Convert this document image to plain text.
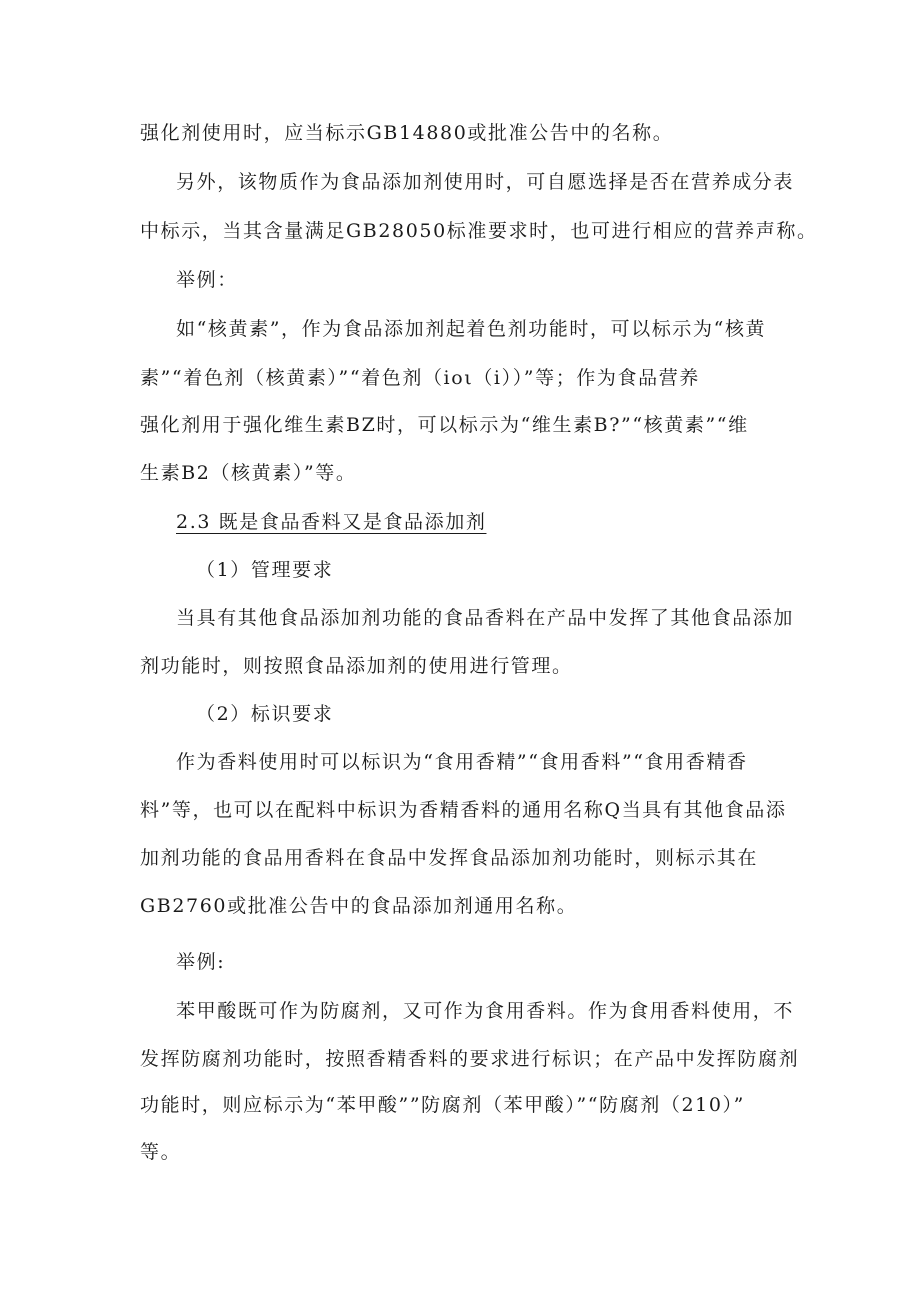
强化剂使用时，应当标示GB14880或批准公告中的名称。
另外，该物质作为食品添加剂使用时，可自愿选择是否在营养成分表
中标示，当其含量满足GB28050标准要求时，也可进行相应的营养声称。
举例：
如“核黄素”，作为食品添加剂起着色剂功能时，可以标示为“核黄
素”“着色剂（核黄素）”“着色剂（ioι（i））”等；作为食品营养
强化剂用于强化维生素BZ时，可以标示为“维生素B?”“核黄素”“维
生素B2（核黄素）”等。
2.3 既是食品香料又是食品添加剂
（1）管理要求
当具有其他食品添加剂功能的食品香料在产品中发挥了其他食品添加
剂功能时，则按照食品添加剂的使用进行管理。
（2）标识要求
作为香料使用时可以标识为“食用香精”“食用香料”“食用香精香
料”等，也可以在配料中标识为香精香料的通用名称Q当具有其他食品添
加剂功能的食品用香料在食品中发挥食品添加剂功能时，则标示其在
GB2760或批准公告中的食品添加剂通用名称。
举例:
苯甲酸既可作为防腐剂，又可作为食用香料。作为食用香料使用，不
发挥防腐剂功能时，按照香精香料的要求进行标识；在产品中发挥防腐剂
功能时，则应标示为“苯甲酸””防腐剂（苯甲酸）”“防腐剂（210）”
等。
